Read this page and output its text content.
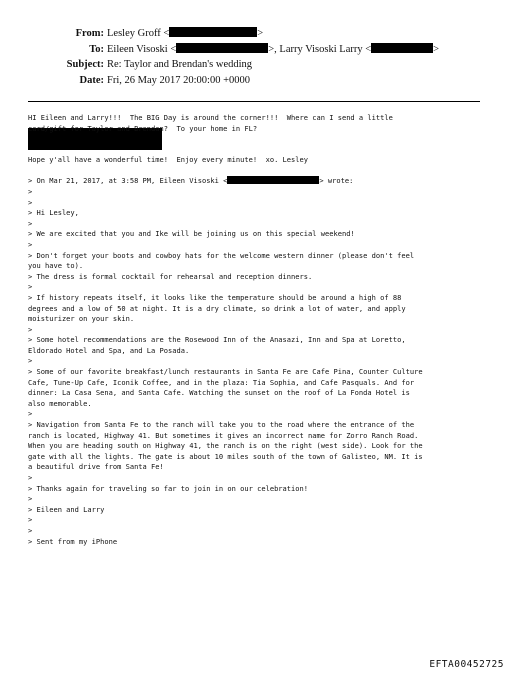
From: Lesley Groff <	>
To: Eileen Visoski <	>, Larry Visoski Larry <	>
Subject: Re: Taylor and Brendan's wedding
Date: Fri, 26 May 2017 20:00:00 +0000
HI Eileen and Larry!!!  The BIG Day is around the corner!!!  Where can I send a little
card/gift for Taylor and Brendan?  To your home in FL?
Hope y'all have a wonderful time!  Enjoy every minute!  xo. Lesley
> On Mar 21, 2017, at 3:58 PM, Eileen Visoski <	> wrote:
>
>
> Hi Lesley,
>
> We are excited that you and Ike will be joining us on this special weekend!
>
> Don't forget your boots and cowboy hats for the welcome western dinner (please don't feel
you have to).
> The dress is formal cocktail for rehearsal and reception dinners.
>
> If history repeats itself, it looks like the temperature should be around a high of 88
degrees and a low of 50 at night. It is a dry climate, so drink a lot of water, and apply
moisturizer on your skin.
>
> Some hotel recommendations are the Rosewood Inn of the Anasazi, Inn and Spa at Loretto,
Eldorado Hotel and Spa, and La Posada.
>
> Some of our favorite breakfast/lunch restaurants in Santa Fe are Cafe Pina, Counter Culture
Cafe, Tune-Up Cafe, Iconik Coffee, and in the plaza: Tia Sophia, and Cafe Pasquals. And for
dinner: La Casa Sena, and Santa Cafe. Watching the sunset on the roof of La Fonda Hotel is
also memorable.
>
> Navigation from Santa Fe to the ranch will take you to the road where the entrance of the
ranch is located, Highway 41. But sometimes it gives an incorrect name for Zorro Ranch Road.
When you are heading south on Highway 41, the ranch is on the right (west side). Look for the
gate with all the lights. The gate is about 10 miles south of the town of Galisteo, NM. It is
a beautiful drive from Santa Fe!
>
> Thanks again for traveling so far to join in on our celebration!
>
> Eileen and Larry
>
>
> Sent from my iPhone
EFTA00452725
